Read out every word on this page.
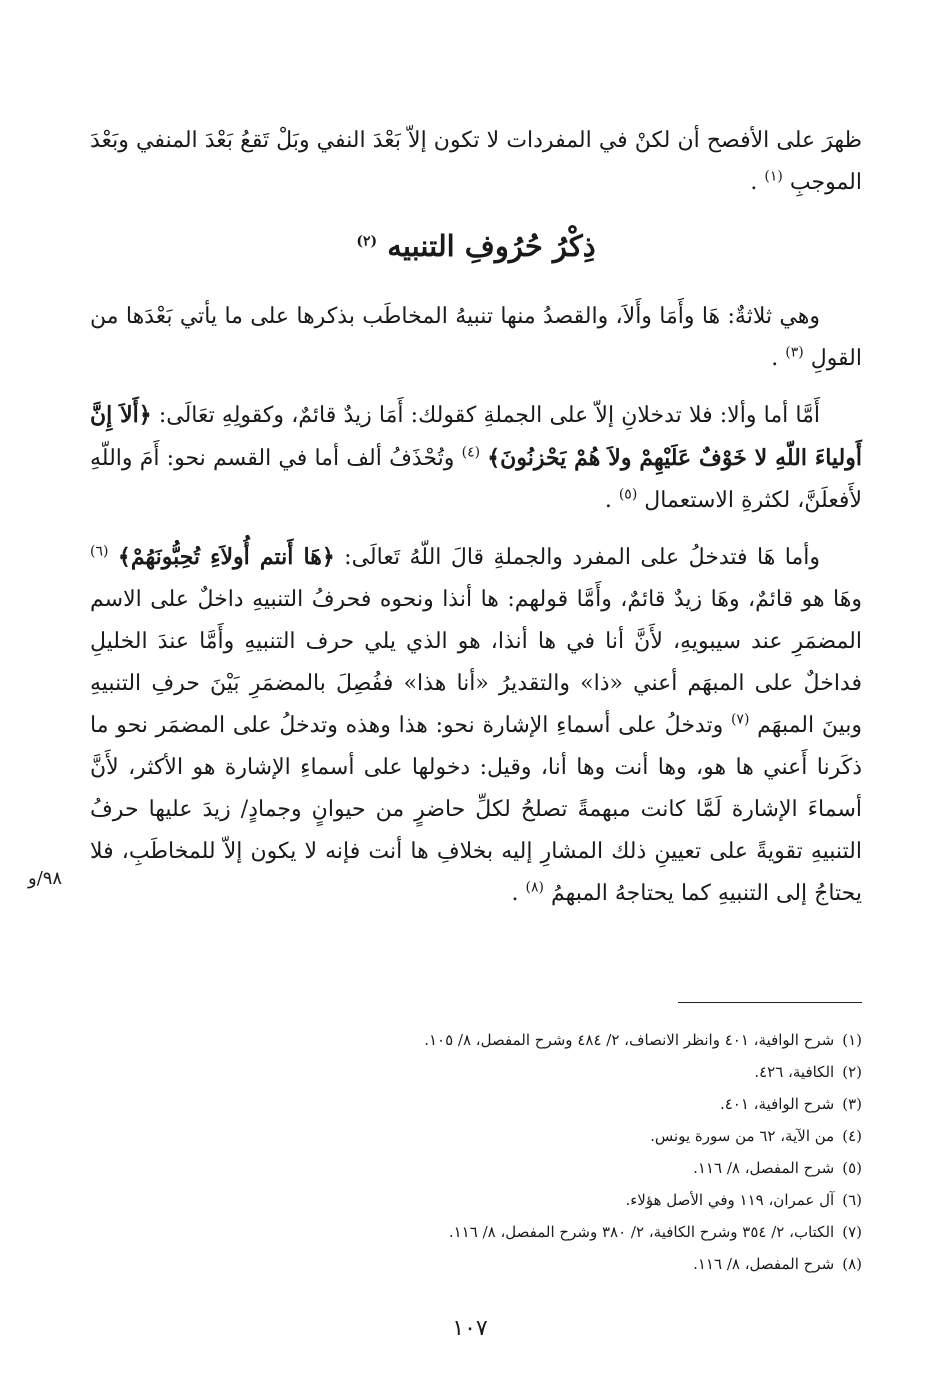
ظهرَ على الأفصح أن لكنْ في المفردات لا تكون إلاّ بَعْدَ النفي وبَلْ تَقعُ بَعْدَ المنفي وبَعْدَ الموجبِ $^{(١)}$ .

ذِكْرُ حُرُوفِ التنبيه $^{(٢)}$

وهي ثلاثةٌ: هَا وأَمَا وأَلاَ، والقصدُ منها تنبيهُ المخاطَب بذكرها على ما يأتي بَعْدَها من القولِ $^{(٣)}$ .

أَمَّا أما وألا: فلا تدخلانِ إلاّ على الجملةِ كقولك: أَمَا زيدٌ قائمٌ، وكقولِهِ تعَالَى: ﴿أَلاَ إِنَّ أَولياءَ اللّهِ لا خَوْفٌ عَلَيْهِمْ ولاَ هُمْ يَحْزنُونَ﴾ $^{(٤)}$ وتُحْذَفُ ألف أما في القسم نحو: أَمَ واللّهِ لأَفعلَنَّ، لكثرةِ الاستعمال $^{(٥)}$ .

وأما هَا فتدخلُ على المفرد والجملةِ قالَ اللّهُ تَعالَى: ﴿هَا أَنتم أُولاَءِ تُحِبُّونَهُمْ﴾ $^{(٦)}$ وهَا هو قائمٌ، وهَا زيدٌ قائمٌ، وأَمَّا قولهم: ها أنذا ونحوه فحرفُ التنبيهِ داخلٌ على الاسم المضمَرِ عند سيبويهِ، لأَنَّ أنا في ها أنذا، هو الذي يلي حرف التنبيهِ وأَمَّا عندَ الخليلِ فداخلٌ على المبهَم أعني «ذا» والتقديرُ «أنا هذا» ففُصِلَ بالمضمَرِ بَيْنَ حرفِ التنبيهِ وبينَ المبهَم $^{(٧)}$ وتدخلُ على أسماءِ الإشارة نحو: هذا وهذه وتدخلُ على المضمَر نحو ما ذكَرنا أَعني ها هو، وها أنت وها أنا، وقيل: دخولها على أسماءِ الإشارة هو الأكثر، لأَنَّ أسماءَ الإشارة لَمَّا كانت مبهمةً تصلحُ لكلِّ حاضرٍ من حيوانٍ وجمادٍ/ زيدَ عليها حرفُ التنبيهِ تقويةً على تعيينِ ذلك المشارِ إليه بخلافِ ها أنت فإنه لا يكون إلاّ للمخاطَبِ، فلا يحتاجُ إلى التنبيهِ كما يحتاجهُ المبهمُ $^{(٨)}$ .

٩٨/و
(١)شرح الوافية، ٤٠١ وانظر الانصاف، ٢/ ٤٨٤ وشرح المفصل، ٨/ ١٠٥.
(٢)الكافية، ٤٢٦.
(٣)شرح الوافية، ٤٠١.
(٤)من الآية، ٦٢ من سورة يونس.
(٥)شرح المفصل، ٨/ ١١٦.
(٦)آل عمران، ١١٩ وفي الأصل هؤلاء.
(٧)الكتاب، ٢/ ٣٥٤ وشرح الكافية، ٢/ ٣٨٠ وشرح المفصل، ٨/ ١١٦.
(٨)شرح المفصل، ٨/ ١١٦.
١٠٧
